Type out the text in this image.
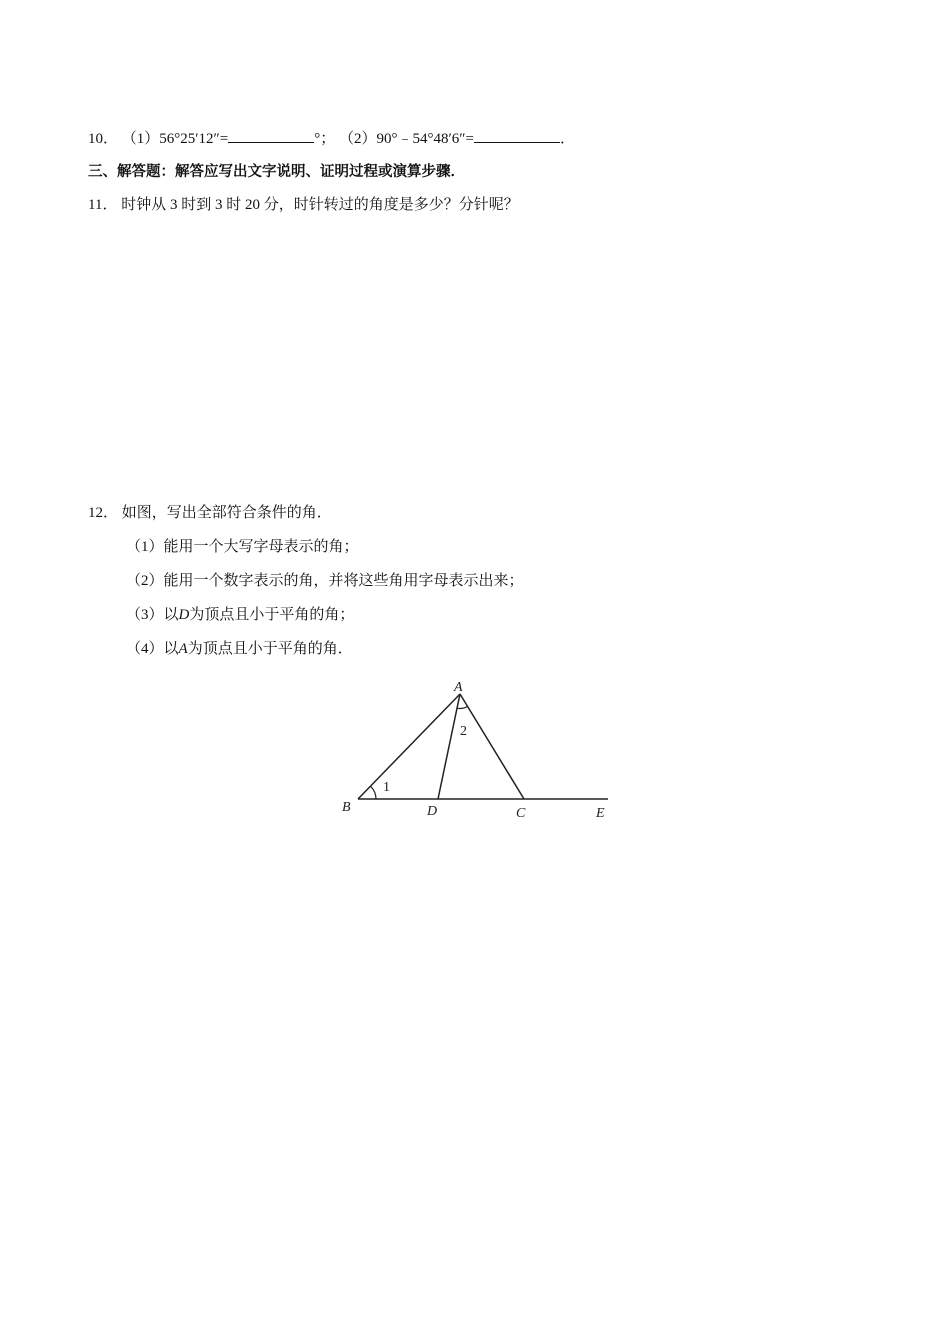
10． （1）56°25′12″=	°； （2）90°﹣54°48′6″=	．
三、解答题：解答应写出文字说明、证明过程或演算步骤．
11． 时钟从 3 时到 3 时 20 分，时针转过的角度是多少？分针呢？
12． 如图，写出全部符合条件的角．
（1）能用一个大写字母表示的角；
（2）能用一个数字表示的角，并将这些角用字母表示出来；
（3）以D为顶点且小于平角的角；
（4）以A为顶点且小于平角的角．
A
B	D	C	E
1
2
